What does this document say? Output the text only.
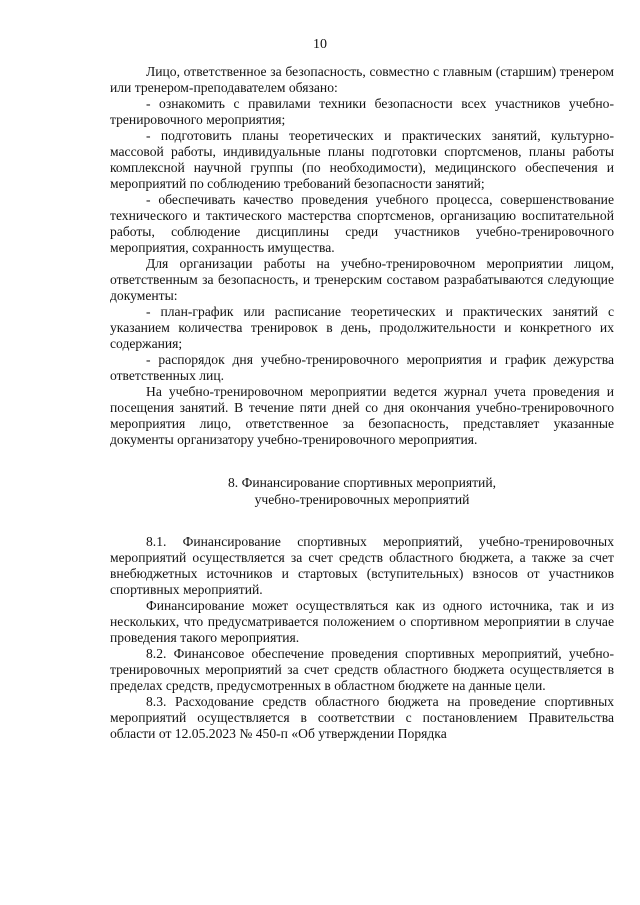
10

Лицо, ответственное за безопасность, совместно с главным (старшим) тренером или тренером-преподавателем обязано:

- ознакомить с правилами техники безопасности всех участников учебно-тренировочного мероприятия;

- подготовить планы теоретических и практических занятий, культурно-массовой работы, индивидуальные планы подготовки спортсменов, планы работы комплексной научной группы (по необходимости), медицинского обеспечения и мероприятий по соблюдению требований безопасности занятий;

- обеспечивать качество проведения учебного процесса, совершенствование технического и тактического мастерства спортсменов, организацию воспитательной работы, соблюдение дисциплины среди участников учебно-тренировочного мероприятия, сохранность имущества.

Для организации работы на учебно-тренировочном мероприятии лицом, ответственным за безопасность, и тренерским составом разрабатываются следующие документы:

- план-график или расписание теоретических и практических занятий с указанием количества тренировок в день, продолжительности и конкретного их содержания;

- распорядок дня учебно-тренировочного мероприятия и график дежурства ответственных лиц.

На учебно-тренировочном мероприятии ведется журнал учета проведения и посещения занятий. В течение пяти дней со дня окончания учебно-тренировочного мероприятия лицо, ответственное за безопасность, представляет указанные документы организатору учебно-тренировочного мероприятия.

8. Финансирование спортивных мероприятий,
учебно-тренировочных мероприятий

8.1. Финансирование спортивных мероприятий, учебно-тренировочных мероприятий осуществляется за счет средств областного бюджета, а также за счет внебюджетных источников и стартовых (вступительных) взносов от участников спортивных мероприятий.

Финансирование может осуществляться как из одного источника, так и из нескольких, что предусматривается положением о спортивном мероприятии в случае проведения такого мероприятия.

8.2. Финансовое обеспечение проведения спортивных мероприятий, учебно-тренировочных мероприятий за счет средств областного бюджета осуществляется в пределах средств, предусмотренных в областном бюджете на данные цели.

8.3. Расходование средств областного бюджета на проведение спортивных мероприятий осуществляется в соответствии с постановлением Правительства области от 12.05.2023 № 450-п «Об утверждении Порядка
